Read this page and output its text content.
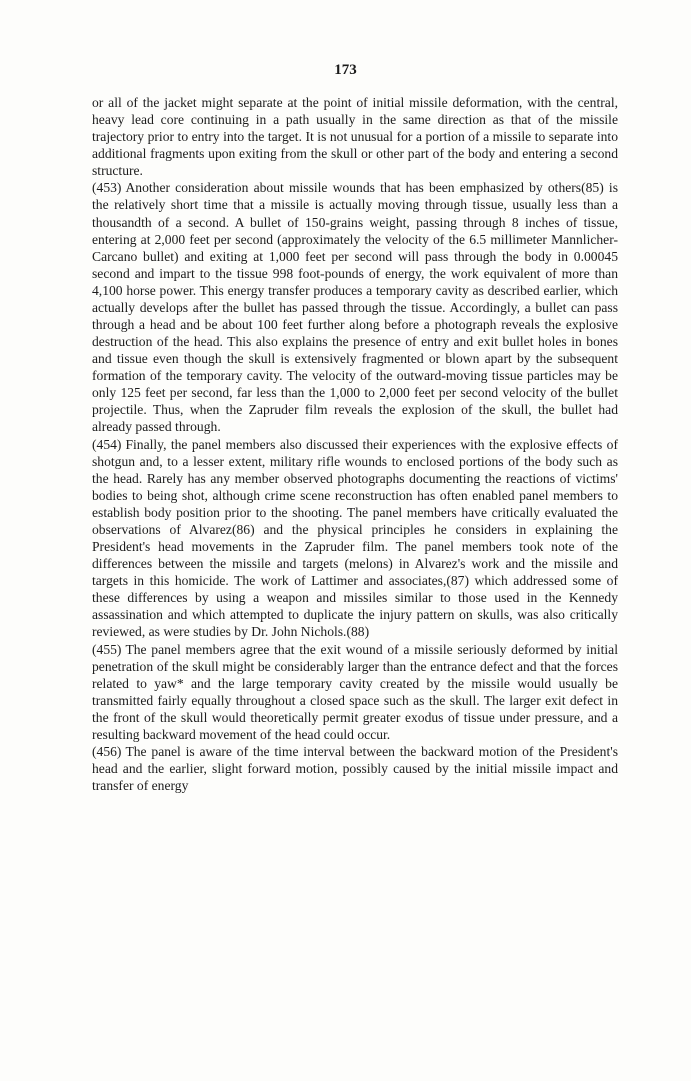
173

or all of the jacket might separate at the point of initial missile deformation, with the central, heavy lead core continuing in a path usually in the same direction as that of the missile trajectory prior to entry into the target. It is not unusual for a portion of a missile to separate into additional fragments upon exiting from the skull or other part of the body and entering a second structure.

(453) Another consideration about missile wounds that has been emphasized by others(85) is the relatively short time that a missile is actually moving through tissue, usually less than a thousandth of a second. A bullet of 150-grains weight, passing through 8 inches of tissue, entering at 2,000 feet per second (approximately the velocity of the 6.5 millimeter Mannlicher-Carcano bullet) and exiting at 1,000 feet per second will pass through the body in 0.00045 second and impart to the tissue 998 foot-pounds of energy, the work equivalent of more than 4,100 horse power. This energy transfer produces a temporary cavity as described earlier, which actually develops after the bullet has passed through the tissue. Accordingly, a bullet can pass through a head and be about 100 feet further along before a photograph reveals the explosive destruction of the head. This also explains the presence of entry and exit bullet holes in bones and tissue even though the skull is extensively fragmented or blown apart by the subsequent formation of the temporary cavity. The velocity of the outward-moving tissue particles may be only 125 feet per second, far less than the 1,000 to 2,000 feet per second velocity of the bullet projectile. Thus, when the Zapruder film reveals the explosion of the skull, the bullet had already passed through.

(454) Finally, the panel members also discussed their experiences with the explosive effects of shotgun and, to a lesser extent, military rifle wounds to enclosed portions of the body such as the head. Rarely has any member observed photographs documenting the reactions of victims' bodies to being shot, although crime scene reconstruction has often enabled panel members to establish body position prior to the shooting. The panel members have critically evaluated the observations of Alvarez(86) and the physical principles he considers in explaining the President's head movements in the Zapruder film. The panel members took note of the differences between the missile and targets (melons) in Alvarez's work and the missile and targets in this homicide. The work of Lattimer and associates,(87) which addressed some of these differences by using a weapon and missiles similar to those used in the Kennedy assassination and which attempted to duplicate the injury pattern on skulls, was also critically reviewed, as were studies by Dr. John Nichols.(88)

(455) The panel members agree that the exit wound of a missile seriously deformed by initial penetration of the skull might be considerably larger than the entrance defect and that the forces related to yaw* and the large temporary cavity created by the missile would usually be transmitted fairly equally throughout a closed space such as the skull. The larger exit defect in the front of the skull would theoretically permit greater exodus of tissue under pressure, and a resulting backward movement of the head could occur.

(456) The panel is aware of the time interval between the backward motion of the President's head and the earlier, slight forward motion, possibly caused by the initial missile impact and transfer of energy
